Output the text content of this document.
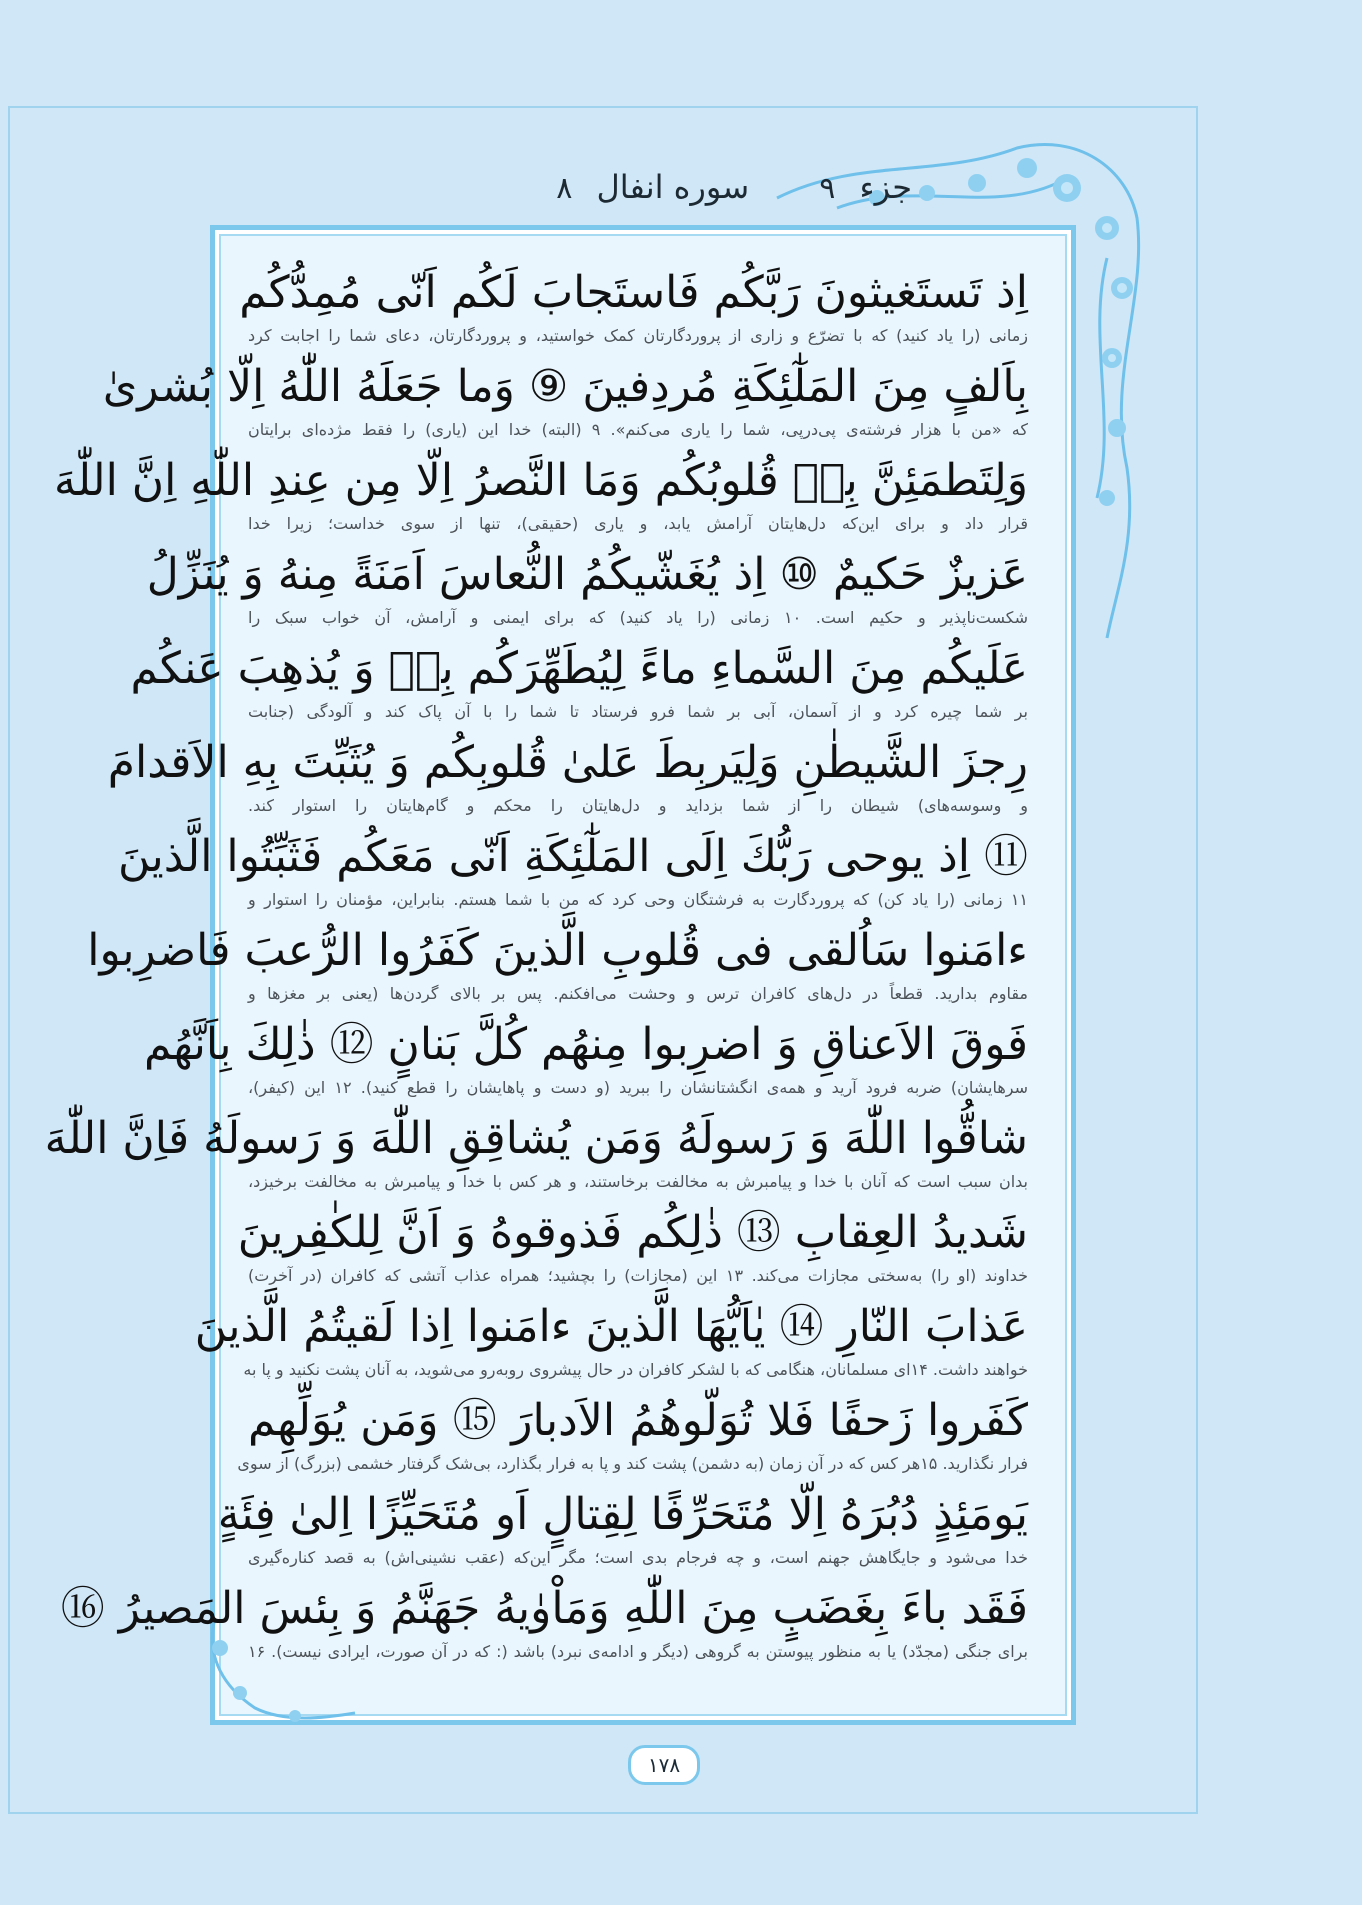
جزء ۹
سوره انفال ۸
اِذ تَستَغيثونَ رَبَّكُم فَاستَجابَ لَكُم اَنّى مُمِدُّكُم
زمانی (را یاد کنید) که با تضرّع و زاری از پروردگارتان کمک خواستید، و پروردگارتان، دعای شما را اجابت کرد
بِاَلفٍ مِنَ المَلٰٓئِكَةِ مُردِفينَ ⑨ وَما جَعَلَهُ اللّٰهُ اِلّا بُشرىٰ
که «من با هزار فرشته‌ی پی‌درپی، شما را یاری می‌کنم». ۹ (البته) خدا این (یاری) را فقط مژده‌ای برایتان
وَلِتَطمَئِنَّ بِهٖ قُلوبُكُم وَمَا النَّصرُ اِلّا مِن عِندِ اللّٰهِ اِنَّ اللّٰهَ
قرار داد و برای این‌که دل‌هایتان آرامش یابد، و یاری (حقیقی)، تنها از سوی خداست؛ زیرا خدا
عَزيزٌ حَكيمٌ ⑩ اِذ يُغَشّيكُمُ النُّعاسَ اَمَنَةً مِنهُ وَ يُنَزِّلُ
شکست‌ناپذیر و حکیم است. ۱۰ زمانی (را یاد کنید) که برای ایمنی و آرامش، آن خواب سبک را
عَلَيكُم مِنَ السَّماءِ ماءً لِيُطَهِّرَكُم بِهٖ وَ يُذهِبَ عَنكُم
بر شما چیره کرد و از آسمان، آبی بر شما فرو فرستاد تا شما را با آن پاک کند و آلودگی (جنابت
رِجزَ الشَّيطٰنِ وَلِيَربِطَ عَلىٰ قُلوبِكُم وَ يُثَبِّتَ بِهِ الاَقدامَ
و وسوسه‌های) شیطان را از شما بزداید و دل‌هایتان را محکم و گام‌هایتان را استوار کند.
⑪ اِذ يوحى رَبُّكَ اِلَى المَلٰٓئِكَةِ اَنّى مَعَكُم فَثَبِّتُوا الَّذينَ
۱۱ زمانی (را یاد کن) که پروردگارت به فرشتگان وحی کرد که من با شما هستم. بنابراین، مؤمنان را استوار و
ءامَنوا سَاُلقى فى قُلوبِ الَّذينَ كَفَرُوا الرُّعبَ فَاضرِبوا
مقاوم بدارید. قطعاً در دل‌های کافران ترس و وحشت می‌افکنم. پس بر بالای گردن‌ها (یعنی بر مغزها و
فَوقَ الاَعناقِ وَ اضرِبوا مِنهُم كُلَّ بَنانٍ ⑫ ذٰلِكَ بِاَنَّهُم
سرهایشان) ضربه فرود آرید و همه‌ی انگشتانشان را ببرید (و دست و پاهایشان را قطع کنید). ۱۲ این (کیفر)،
شاقُّوا اللّٰهَ وَ رَسولَهُ وَمَن يُشاقِقِ اللّٰهَ وَ رَسولَهُ فَاِنَّ اللّٰهَ
بدان سبب است که آنان با خدا و پیامبرش به مخالفت برخاستند، و هر کس با خدا و پیامبرش به مخالفت برخیزد،
شَديدُ العِقابِ ⑬ ذٰلِكُم فَذوقوهُ وَ اَنَّ لِلكٰفِرينَ
خداوند (او را) به‌سختی مجازات می‌کند. ۱۳ این (مجازات) را بچشید؛ همراه عذاب آتشی که کافران (در آخرت)
عَذابَ النّارِ ⑭ يٰاَيُّهَا الَّذينَ ءامَنوا اِذا لَقيتُمُ الَّذينَ
خواهند داشت. ۱۴ای مسلمانان، هنگامی که با لشکر کافران در حال پیشروی روبه‌رو می‌شوید، به آنان پشت نکنید و پا به
كَفَروا زَحفًا فَلا تُوَلّوهُمُ الاَدبارَ ⑮ وَمَن يُوَلِّهِم
فرار نگذارید. ۱۵هر کس که در آن زمان (به دشمن) پشت کند و پا به فرار بگذارد، بی‌شک گرفتار خشمی (بزرگ) از سوی
يَومَئِذٍ دُبُرَهُ اِلّا مُتَحَرِّفًا لِقِتالٍ اَو مُتَحَيِّزًا اِلىٰ فِئَةٍ
خدا می‌شود و جایگاهش جهنم است، و چه فرجام بدی است؛ مگر این‌که (عقب نشینی‌اش) به قصد کناره‌گیری
فَقَد باءَ بِغَضَبٍ مِنَ اللّٰهِ وَمَاْوٰيهُ جَهَنَّمُ وَ بِئسَ المَصيرُ ⑯
برای جنگی (مجدّد) یا به منظور پیوستن به گروهی (دیگر و ادامه‌ی نبرد) باشد (: که در آن صورت، ایرادی نیست). ۱۶
۱۷۸
